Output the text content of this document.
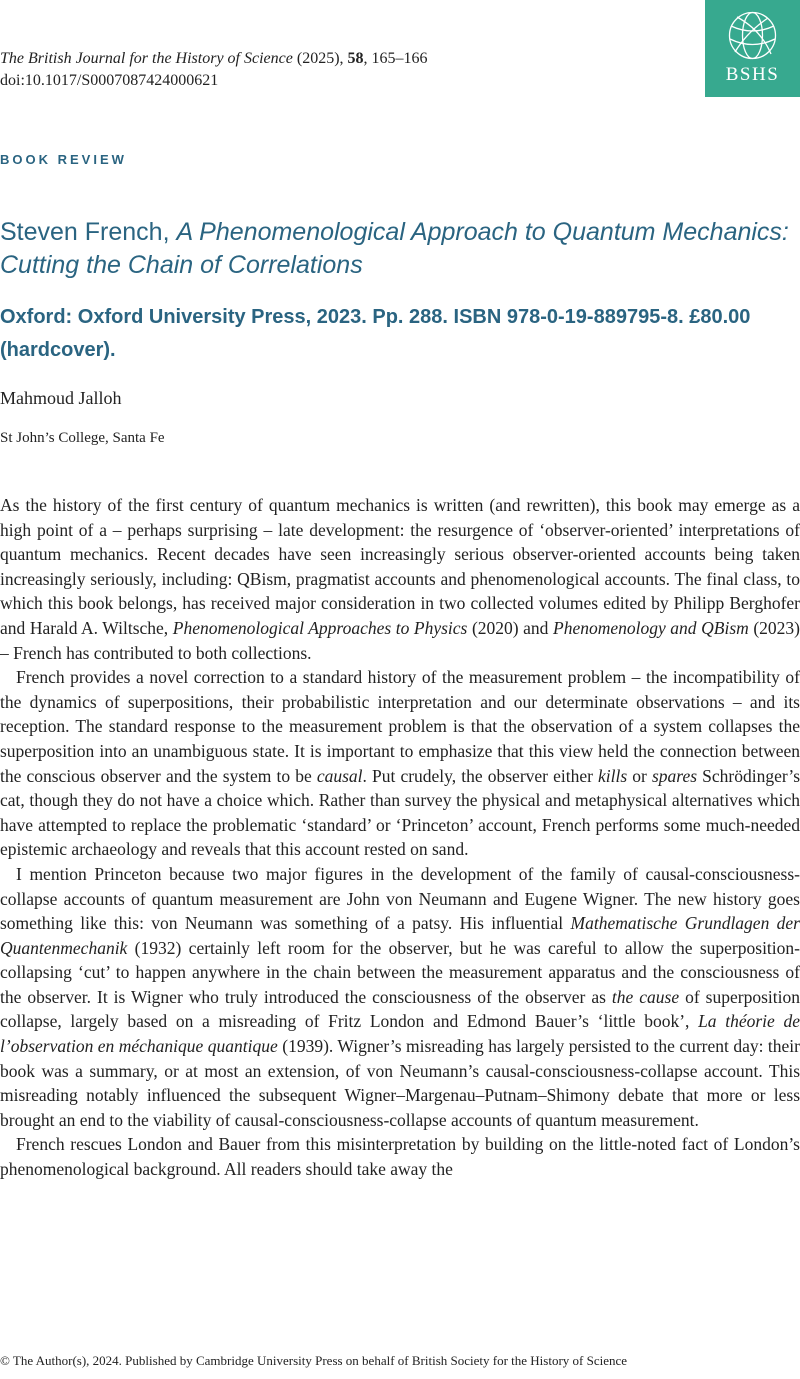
The British Journal for the History of Science (2025), 58, 165–166
doi:10.1017/S0007087424000621	BSHS
BOOK REVIEW
Steven French, A Phenomenological Approach to Quantum Mechanics: Cutting the Chain of Correlations
Oxford: Oxford University Press, 2023. Pp. 288. ISBN 978-0-19-889795-8. £80.00 (hardcover).
Mahmoud Jalloh
St John’s College, Santa Fe

As the history of the first century of quantum mechanics is written (and rewritten), this book may emerge as a high point of a – perhaps surprising – late development: the resurgence of ‘observer-oriented’ interpretations of quantum mechanics. Recent decades have seen increasingly serious observer-oriented accounts being taken increasingly seriously, including: QBism, pragmatist accounts and phenomenological accounts. The final class, to which this book belongs, has received major consideration in two collected volumes edited by Philipp Berghofer and Harald A. Wiltsche, Phenomenological Approaches to Physics (2020) and Phenomenology and QBism (2023) – French has contributed to both collections.

French provides a novel correction to a standard history of the measurement problem – the incompatibility of the dynamics of superpositions, their probabilistic interpretation and our determinate observations – and its reception. The standard response to the measurement problem is that the observation of a system collapses the superposition into an unambiguous state. It is important to emphasize that this view held the connection between the conscious observer and the system to be causal. Put crudely, the observer either kills or spares Schrödinger’s cat, though they do not have a choice which. Rather than survey the physical and metaphysical alternatives which have attempted to replace the problematic ‘standard’ or ‘Princeton’ account, French performs some much-needed epistemic archaeology and reveals that this account rested on sand.

I mention Princeton because two major figures in the development of the family of causal-consciousness-collapse accounts of quantum measurement are John von Neumann and Eugene Wigner. The new history goes something like this: von Neumann was something of a patsy. His influential Mathematische Grundlagen der Quantenmechanik (1932) certainly left room for the observer, but he was careful to allow the superposition-collapsing ‘cut’ to happen anywhere in the chain between the measurement apparatus and the consciousness of the observer. It is Wigner who truly introduced the consciousness of the observer as the cause of superposition collapse, largely based on a misreading of Fritz London and Edmond Bauer’s ‘little book’, La théorie de l’observation en méchanique quantique (1939). Wigner’s misreading has largely persisted to the current day: their book was a summary, or at most an extension, of von Neumann’s causal-consciousness-collapse account. This misreading notably influenced the subsequent Wigner–Margenau–Putnam–Shimony debate that more or less brought an end to the viability of causal-consciousness-collapse accounts of quantum measurement.

French rescues London and Bauer from this misinterpretation by building on the little-noted fact of London’s phenomenological background. All readers should take away the

© The Author(s), 2024. Published by Cambridge University Press on behalf of British Society for the History of Science
